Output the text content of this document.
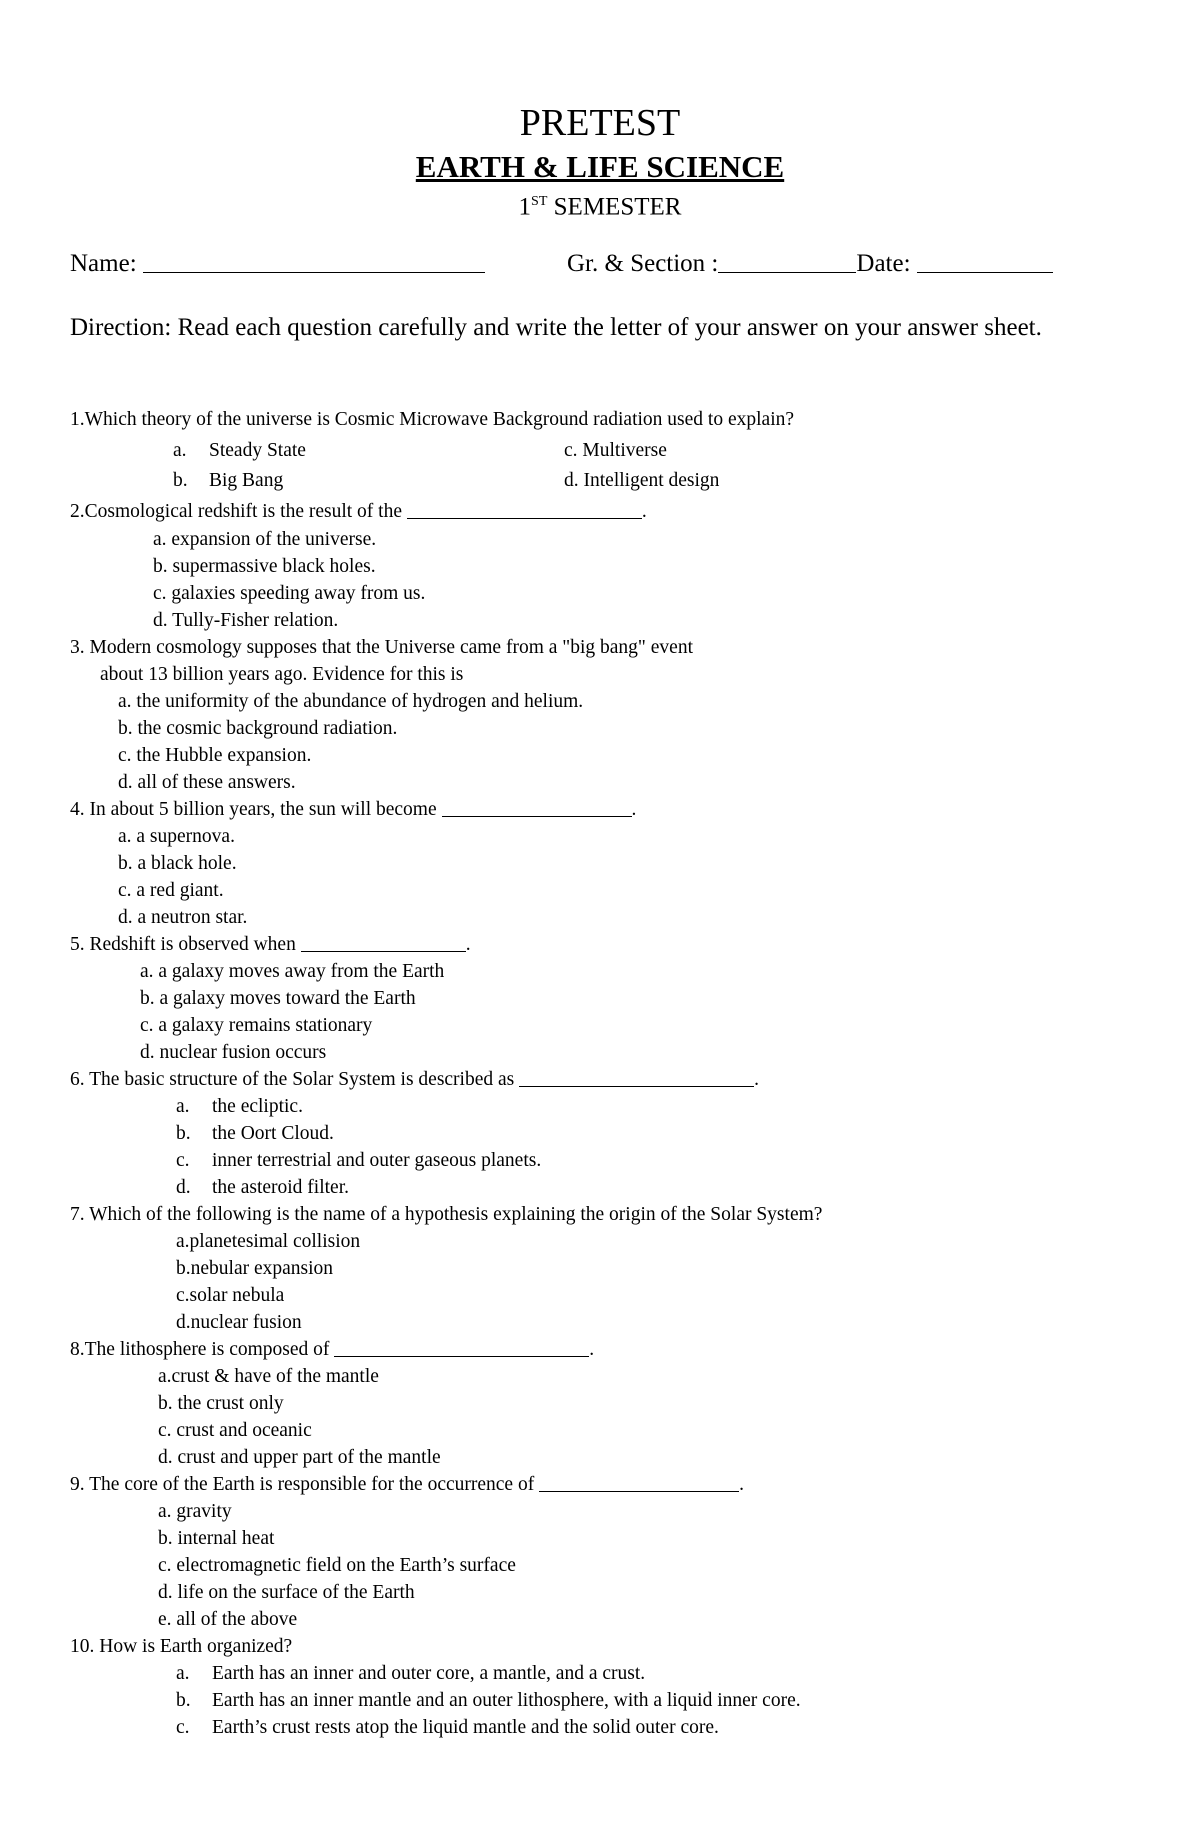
PRETEST
EARTH & LIFE SCIENCE
1ST SEMESTER
Name:	Gr. & Section :	Date:
Direction: Read each question carefully and write the letter of your answer on your answer sheet.
1.Which theory of the universe is Cosmic Microwave Background radiation used to explain?
a. Steady State	c. Multiverse
b. Big Bang	d. Intelligent design
2.Cosmological redshift is the result of the	.
a. expansion of the universe.
b. supermassive black holes.
c. galaxies speeding away from us.
d. Tully-Fisher relation.
3. Modern cosmology supposes that the Universe came from a "big bang" event
about 13 billion years ago. Evidence for this is
a. the uniformity of the abundance of hydrogen and helium.
b. the cosmic background radiation.
c. the Hubble expansion.
d. all of these answers.
4. In about 5 billion years, the sun will become	.
a. a supernova.
b. a black hole.
c. a red giant.
d. a neutron star.
5. Redshift is observed when	.
a. a galaxy moves away from the Earth
b. a galaxy moves toward the Earth
c. a galaxy remains stationary
d. nuclear fusion occurs
6. The basic structure of the Solar System is described as	.
a. the ecliptic.
b. the Oort Cloud.
c. inner terrestrial and outer gaseous planets.
d. the asteroid filter.
7. Which of the following is the name of a hypothesis explaining the origin of the Solar System?
a.planetesimal collision
b.nebular expansion
c.solar nebula
d.nuclear fusion
8.The lithosphere is composed of	.
a.crust & have of the mantle
b. the crust only
c. crust and oceanic
d. crust and upper part of the mantle
9. The core of the Earth is responsible for the occurrence of	.
a. gravity
b. internal heat
c. electromagnetic field on the Earth’s surface
d. life on the surface of the Earth
e. all of the above
10. How is Earth organized?
a. Earth has an inner and outer core, a mantle, and a crust.
b. Earth has an inner mantle and an outer lithosphere, with a liquid inner core.
c. Earth’s crust rests atop the liquid mantle and the solid outer core.
